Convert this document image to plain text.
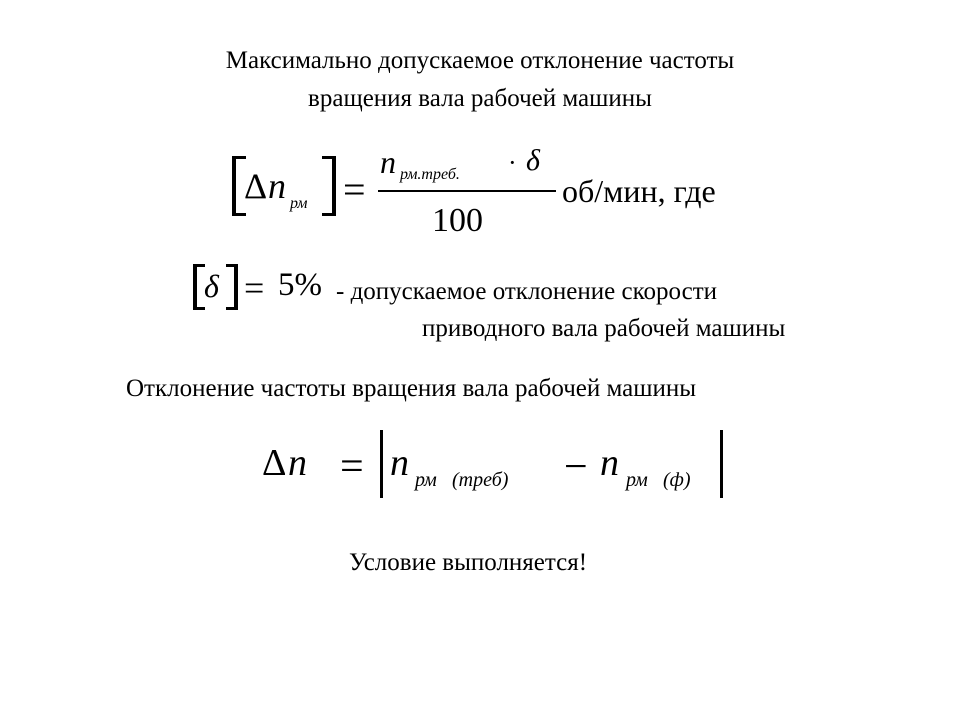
Максимально допускаемое отклонение частоты
вращения вала рабочей машины
Δ n рм =
n рм.треб. · δ
100
об/мин, где
δ = 5% - допускаемое отклонение скорости
приводного вала рабочей машины
Отклонение частоты вращения вала рабочей машины
Δ n = n рм (треб) − n рм (ф)
Условие выполняется!
